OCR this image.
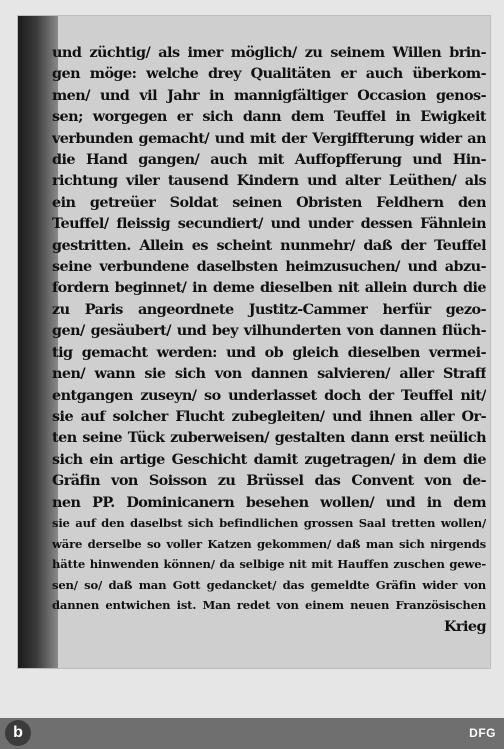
und züchtig/ als imer möglich/ zu seinem Willen brin-
gen möge: welche drey Qualitäten er auch überkom-
men/ und vil Jahr in mannigfältiger Occasion genos-
sen; worgegen er sich dann dem Teuffel in Ewigkeit
verbunden gemacht/ und mit der Vergiffterung wider an
die Hand gangen/ auch mit Auffopfferung und Hin-
richtung viler tausend Kindern und alter Leüthen/ als
ein getreüer Soldat seinen Obristen Feldhern den
Teuffel/ fleissig secundiert/ und under dessen Fähnlein
gestritten. Allein es scheint nunmehr/ daß der Teuffel
seine verbundene daselbsten heimzusuchen/ und abzu-
fordern beginnet/ in deme dieselben nit allein durch die
zu Paris angeordnete Justitz-Cammer herfür gezo-
gen/ gesäubert/ und bey vilhunderten von dannen flüch-
tig gemacht werden: und ob gleich dieselben vermei-
nen/ wann sie sich von dannen salvieren/ aller Straff
entgangen zuseyn/ so underlasset doch der Teuffel nit/
sie auf solcher Flucht zubegleiten/ und ihnen aller Or-
ten seine Tück zuberweisen/ gestalten dann erst neülich
sich ein artige Geschicht damit zugetragen/ in dem die
Gräfin von Soisson zu Brüssel das Convent von de-
nen PP. Dominicanern besehen wollen/ und in dem
sie auf den daselbst sich befindlichen grossen Saal tretten wollen/
wäre derselbe so voller Katzen gekommen/ daß man sich nirgends
hätte hinwenden können/ da selbige nit mit Hauffen zuschen gewe-
sen/ so/ daß man Gott gedancket/ das gemeldte Gräfin wider von
dannen entwichen ist. Man redet von einem neuen Französischen
Krieg
b	DFG
